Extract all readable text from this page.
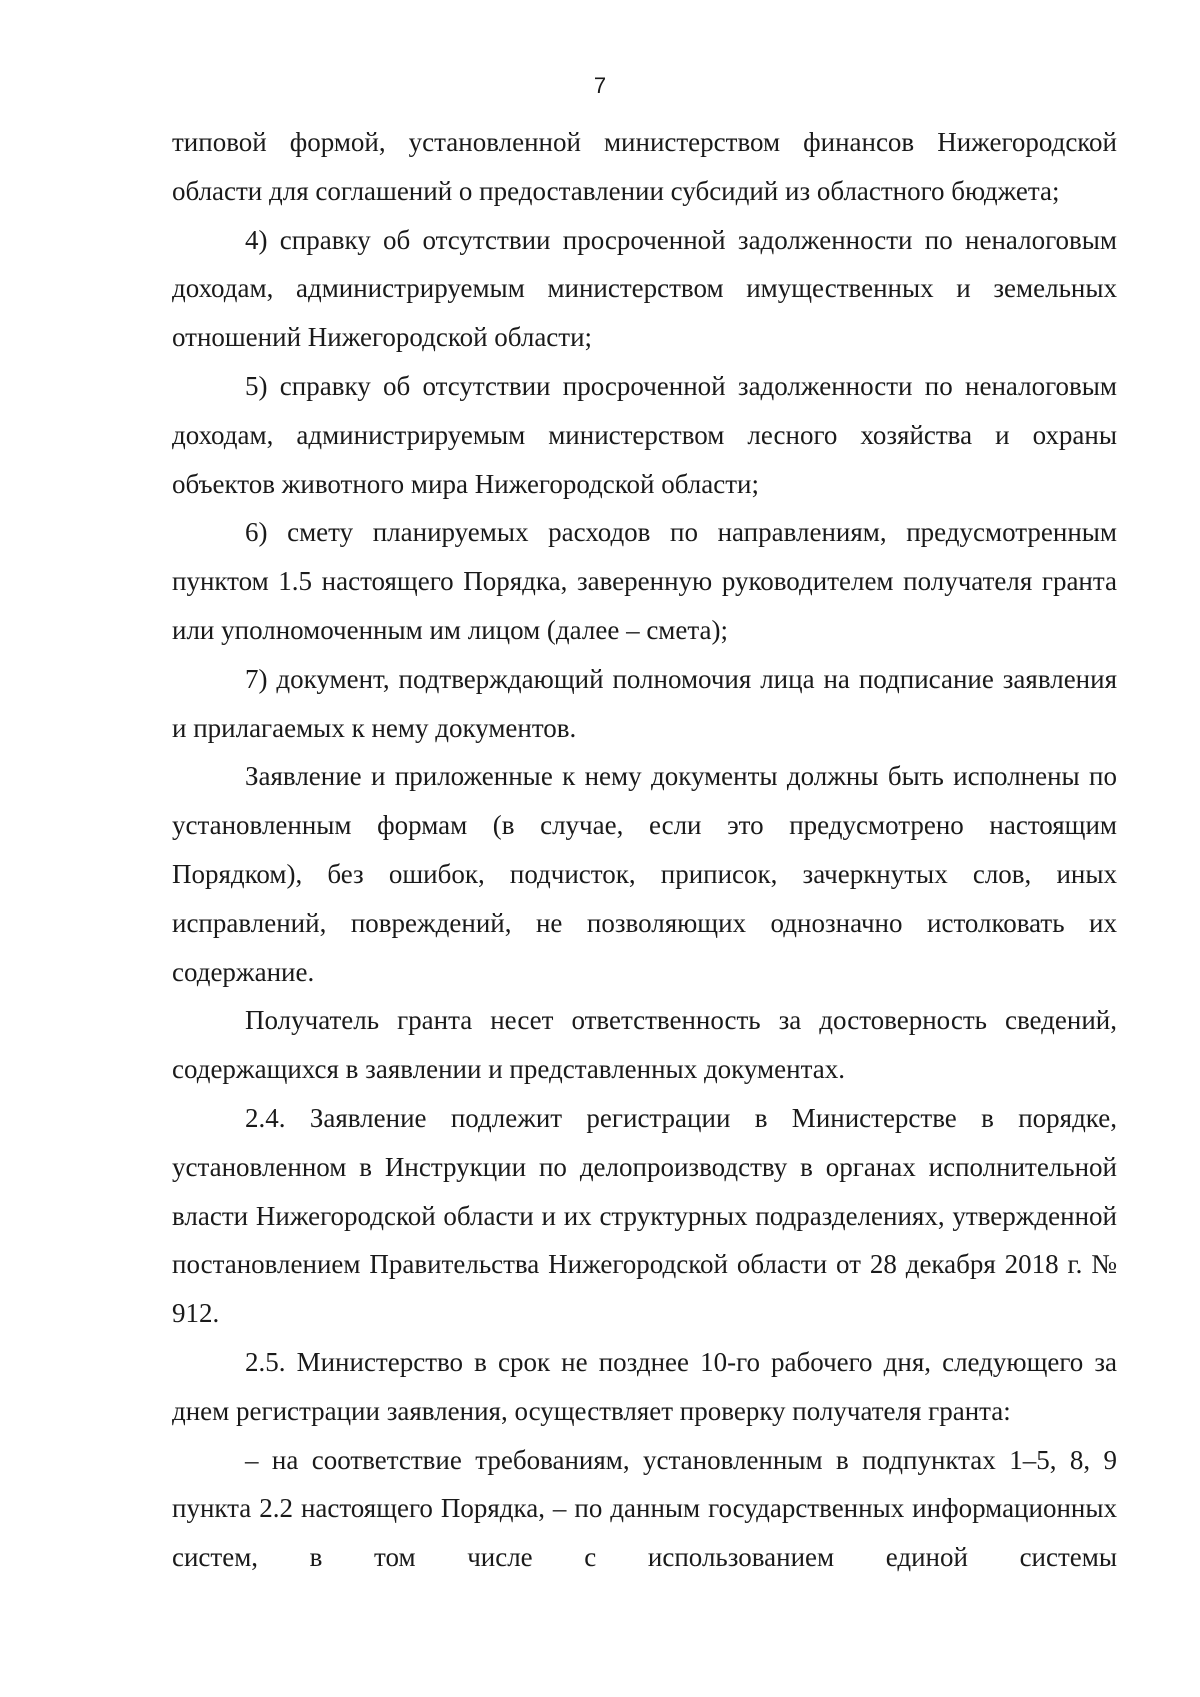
7

типовой формой, установленной министерством финансов Нижегородской области для соглашений о предоставлении субсидий из областного бюджета;

4) справку об отсутствии просроченной задолженности по неналоговым доходам, администрируемым министерством имущественных и земельных отношений Нижегородской области;

5) справку об отсутствии просроченной задолженности по неналоговым доходам, администрируемым министерством лесного хозяйства и охраны объектов животного мира Нижегородской области;

6) смету планируемых расходов по направлениям, предусмотренным пунктом 1.5 настоящего Порядка, заверенную руководителем получателя гранта или уполномоченным им лицом (далее – смета);

7) документ, подтверждающий полномочия лица на подписание заявления и прилагаемых к нему документов.

Заявление и приложенные к нему документы должны быть исполнены по установленным формам (в случае, если это предусмотрено настоящим Порядком), без ошибок, подчисток, приписок, зачеркнутых слов, иных исправлений, повреждений, не позволяющих однозначно истолковать их содержание.

Получатель гранта несет ответственность за достоверность сведений, содержащихся в заявлении и представленных документах.

2.4. Заявление подлежит регистрации в Министерстве в порядке, установленном в Инструкции по делопроизводству в органах исполнительной власти Нижегородской области и их структурных подразделениях, утвержденной постановлением Правительства Нижегородской области от 28 декабря 2018 г. № 912.

2.5. Министерство в срок не позднее 10-го рабочего дня, следующего за днем регистрации заявления, осуществляет проверку получателя гранта:

– на соответствие требованиям, установленным в подпунктах 1–5, 8, 9 пункта 2.2 настоящего Порядка, – по данным государственных информационных систем, в том числе с использованием единой системы
